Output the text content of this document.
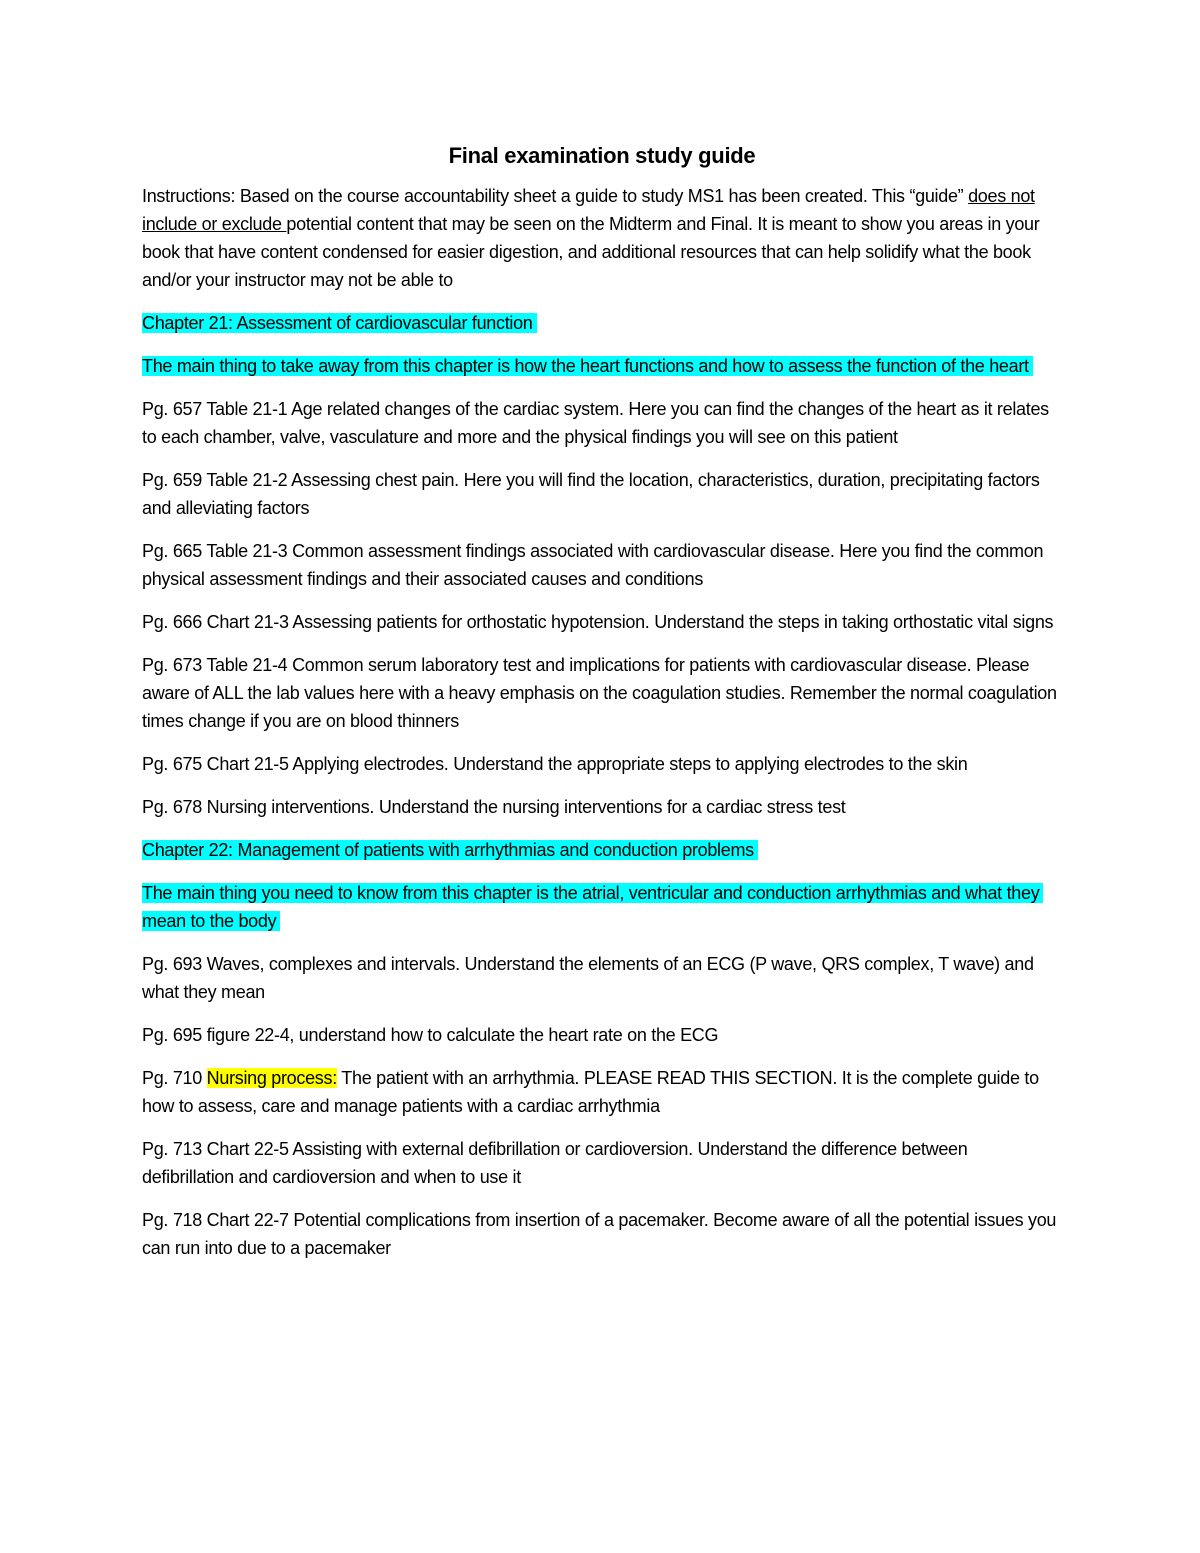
Final examination study guide

Instructions: Based on the course accountability sheet a guide to study MS1 has been created. This “guide” does not include or exclude potential content that may be seen on the Midterm and Final. It is meant to show you areas in your book that have content condensed for easier digestion, and additional resources that can help solidify what the book and/or your instructor may not be able to

Chapter 21: Assessment of cardiovascular function

The main thing to take away from this chapter is how the heart functions and how to assess the function of the heart

Pg. 657 Table 21-1 Age related changes of the cardiac system. Here you can find the changes of the heart as it relates to each chamber, valve, vasculature and more and the physical findings you will see on this patient

Pg. 659 Table 21-2 Assessing chest pain. Here you will find the location, characteristics, duration, precipitating factors and alleviating factors

Pg. 665 Table 21-3 Common assessment findings associated with cardiovascular disease. Here you find the common physical assessment findings and their associated causes and conditions

Pg. 666 Chart 21-3 Assessing patients for orthostatic hypotension. Understand the steps in taking orthostatic vital signs

Pg. 673 Table 21-4 Common serum laboratory test and implications for patients with cardiovascular disease. Please aware of ALL the lab values here with a heavy emphasis on the coagulation studies. Remember the normal coagulation times change if you are on blood thinners

Pg. 675 Chart 21-5 Applying electrodes. Understand the appropriate steps to applying electrodes to the skin

Pg. 678 Nursing interventions. Understand the nursing interventions for a cardiac stress test

Chapter 22: Management of patients with arrhythmias and conduction problems

The main thing you need to know from this chapter is the atrial, ventricular and conduction arrhythmias and what they mean to the body

Pg. 693 Waves, complexes and intervals. Understand the elements of an ECG (P wave, QRS complex, T wave) and what they mean

Pg. 695 figure 22-4, understand how to calculate the heart rate on the ECG

Pg. 710 Nursing process: The patient with an arrhythmia. PLEASE READ THIS SECTION. It is the complete guide to how to assess, care and manage patients with a cardiac arrhythmia

Pg. 713 Chart 22-5 Assisting with external defibrillation or cardioversion. Understand the difference between defibrillation and cardioversion and when to use it

Pg. 718 Chart 22-7 Potential complications from insertion of a pacemaker. Become aware of all the potential issues you can run into due to a pacemaker
